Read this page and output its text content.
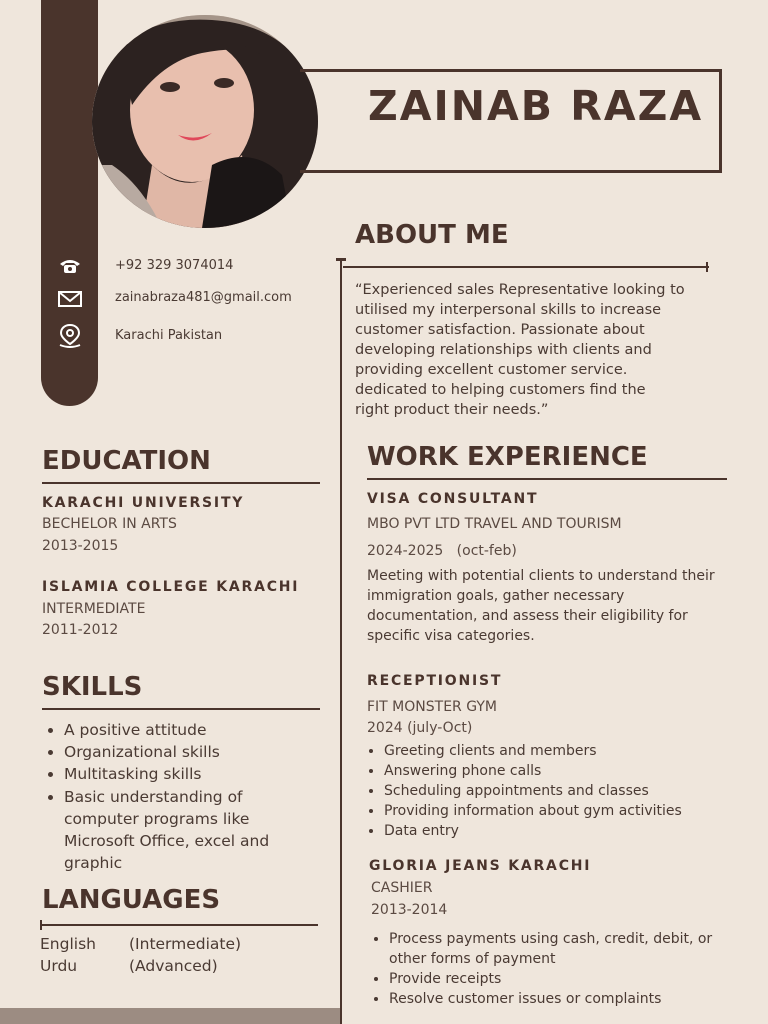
ZAINAB RAZA
+92 329 3074014
zainabraza481@gmail.com
Karachi Pakistan
ABOUT ME
“Experienced sales Representative looking to
utilised my interpersonal skills to increase
customer satisfaction. Passionate about
developing relationships with clients and
providing excellent customer service.
dedicated to helping customers find the
right product their needs.”
EDUCATION
KARACHI UNIVERSITY
BECHELOR IN ARTS
2013-2015
ISLAMIA COLLEGE KARACHI
INTERMEDIATE
2011-2012
SKILLS
• A positive attitude
• Organizational skills
• Multitasking skills
• Basic understanding of computer programs like Microsoft Office, excel and graphic
LANGUAGES
English (Intermediate)
Urdu	(Advanced)
WORK EXPERIENCE
VISA CONSULTANT
MBO PVT LTD TRAVEL AND TOURISM
2024-2025   (oct-feb)
Meeting with potential clients to understand their
immigration goals, gather necessary
documentation, and assess their eligibility for
specific visa categories.
RECEPTIONIST
FIT MONSTER GYM
2024 (july-Oct)
• Greeting clients and members
• Answering phone calls
• Scheduling appointments and classes
• Providing information about gym activities
• Data entry
GLORIA JEANS KARACHI
CASHIER
2013-2014
• Process payments using cash, credit, debit, or other forms of payment
• Provide receipts
• Resolve customer issues or complaints
